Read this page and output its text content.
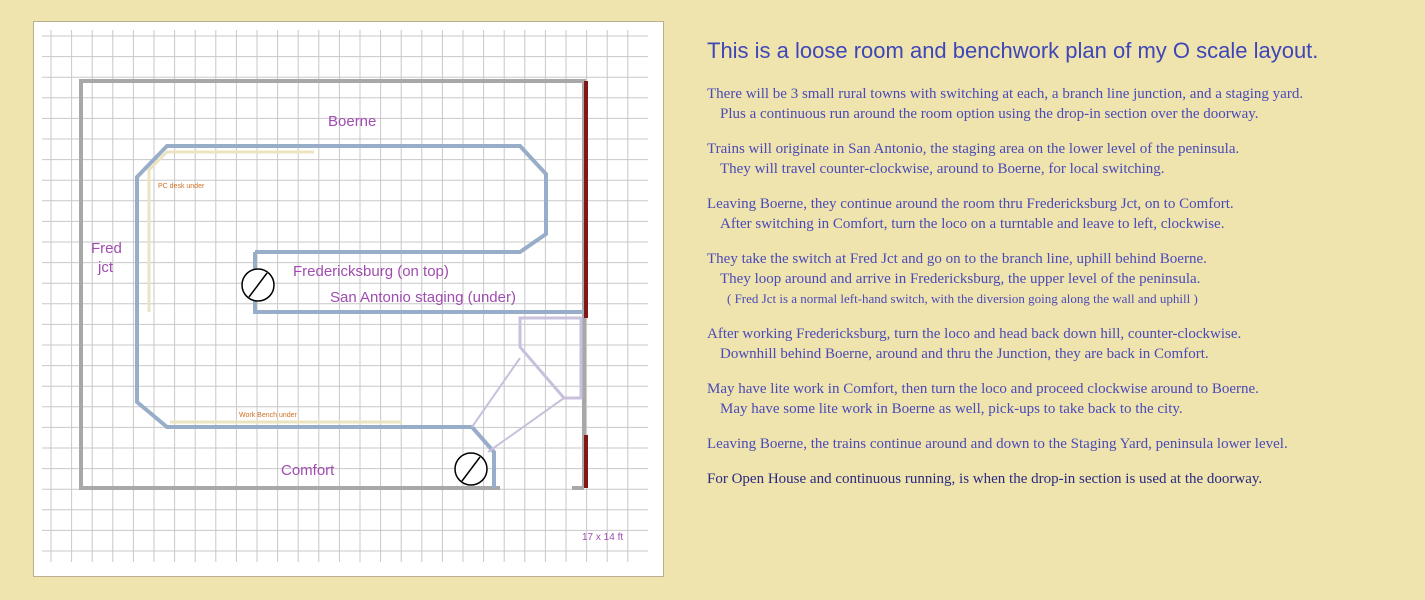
Boerne
Fred
jct	Fredericksburg (on top)
San Antonio staging (under)
Comfort
PC desk under
Work Bench under
17 x 14 ft
This is a loose room and benchwork plan of my O scale layout.
There will be 3 small rural towns with switching at each, a branch line junction, and a staging yard.
Plus a continuous run around the room option using the drop-in section over the doorway.
Trains will originate in San Antonio, the staging area on the lower level of the peninsula.
They will travel counter-clockwise, around to Boerne, for local switching.
Leaving Boerne, they continue around the room thru Fredericksburg Jct, on to Comfort.
After switching in Comfort, turn the loco on a turntable and leave to left, clockwise.
They take the switch at Fred Jct and go on to the branch line, uphill behind Boerne.
They loop around and arrive in Fredericksburg, the upper level of the peninsula.
( Fred Jct is a normal left-hand switch, with the diversion going along the wall and uphill )
After working Fredericksburg, turn the loco and head back down hill, counter-clockwise.
Downhill behind Boerne, around and thru the Junction, they are back in Comfort.
May have lite work in Comfort, then turn the loco and proceed clockwise around to Boerne.
May have some lite work in Boerne as well, pick-ups to take back to the city.
Leaving Boerne, the trains continue around and down to the Staging Yard, peninsula lower level.
For Open House and continuous running, is when the drop-in section is used at the doorway.
